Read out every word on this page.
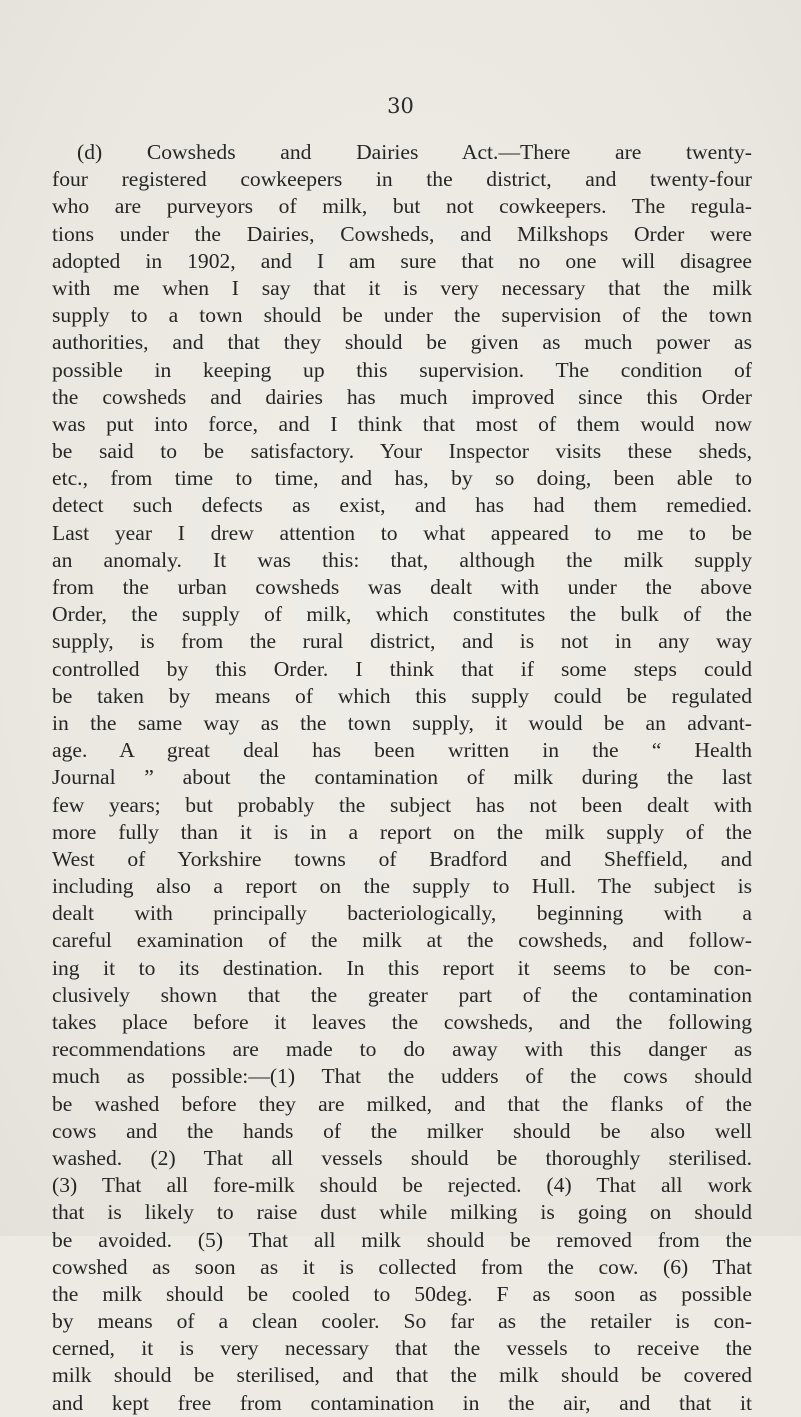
30
(d) Cowsheds and Dairies Act.—There are twenty-
four registered cowkeepers in the district, and twenty-four
who are purveyors of milk, but not cowkeepers. The regula-
tions under the Dairies, Cowsheds, and Milkshops Order were
adopted in 1902, and I am sure that no one will disagree
with me when I say that it is very necessary that the milk
supply to a town should be under the supervision of the town
authorities, and that they should be given as much power as
possible in keeping up this supervision. The condition of
the cowsheds and dairies has much improved since this Order
was put into force, and I think that most of them would now
be said to be satisfactory. Your Inspector visits these sheds,
etc., from time to time, and has, by so doing, been able to
detect such defects as exist, and has had them remedied.
Last year I drew attention to what appeared to me to be
an anomaly. It was this: that, although the milk supply
from the urban cowsheds was dealt with under the above
Order, the supply of milk, which constitutes the bulk of the
supply, is from the rural district, and is not in any way
controlled by this Order. I think that if some steps could
be taken by means of which this supply could be regulated
in the same way as the town supply, it would be an advant-
age. A great deal has been written in the “ Health
Journal ” about the contamination of milk during the last
few years; but probably the subject has not been dealt with
more fully than it is in a report on the milk supply of the
West of Yorkshire towns of Bradford and Sheffield, and
including also a report on the supply to Hull. The subject is
dealt with principally bacteriologically, beginning with a
careful examination of the milk at the cowsheds, and follow-
ing it to its destination. In this report it seems to be con-
clusively shown that the greater part of the contamination
takes place before it leaves the cowsheds, and the following
recommendations are made to do away with this danger as
much as possible:—(1) That the udders of the cows should
be washed before they are milked, and that the flanks of the
cows and the hands of the milker should be also well
washed. (2) That all vessels should be thoroughly sterilised.
(3) That all fore-milk should be rejected. (4) That all work
that is likely to raise dust while milking is going on should
be avoided. (5) That all milk should be removed from the
cowshed as soon as it is collected from the cow. (6) That
the milk should be cooled to 50deg. F as soon as possible
by means of a clean cooler. So far as the retailer is con-
cerned, it is very necessary that the vessels to receive the
milk should be sterilised, and that the milk should be covered
and kept free from contamination in the air, and that it
